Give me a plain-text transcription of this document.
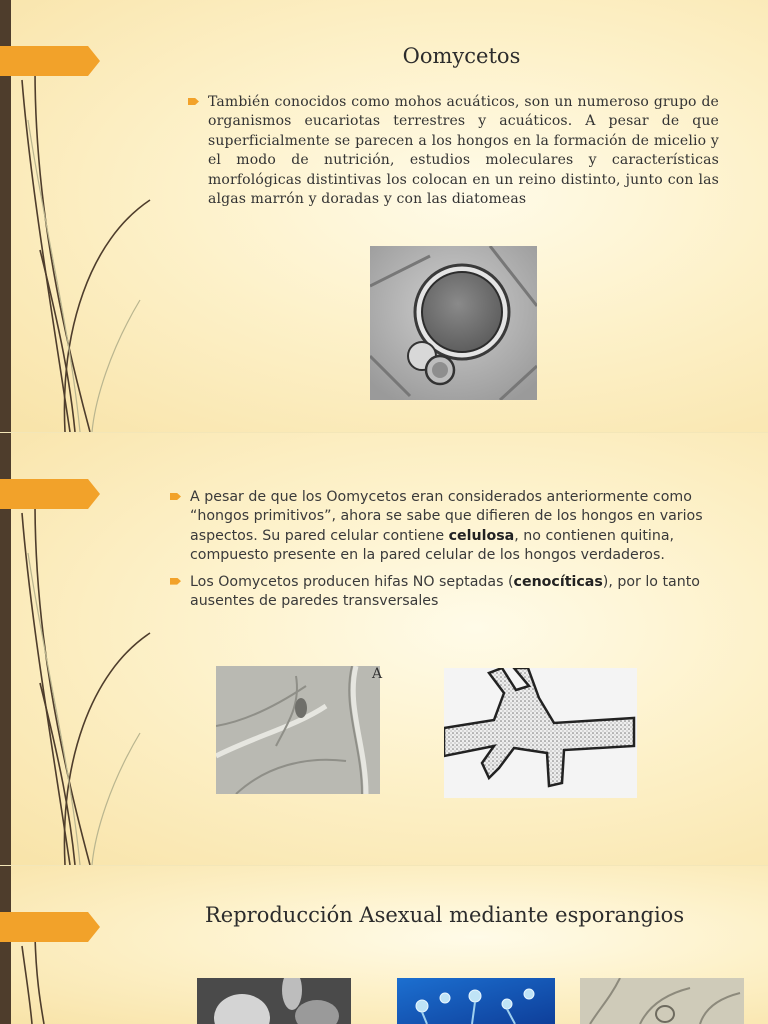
Oomycetos
También conocidos como mohos acuáticos, son un numeroso grupo de organismos eucariotas terrestres y acuáticos. A pesar de que superficialmente se parecen a los hongos en la formación de micelio y el modo de nutrición, estudios moleculares y características morfológicas distintivas los colocan en un reino distinto, junto con las algas marrón y doradas y con las diatomeas
A pesar de que los Oomycetos eran considerados anteriormente como “hongos primitivos”, ahora se sabe que difieren de los hongos en varios aspectos. Su pared celular contiene celulosa, no contienen quitina, compuesto presente en la pared celular de los hongos verdaderos.
Los Oomycetos producen hifas NO septadas (cenocíticas), por lo tanto ausentes de paredes transversales
A
Reproducción Asexual mediante esporangios
